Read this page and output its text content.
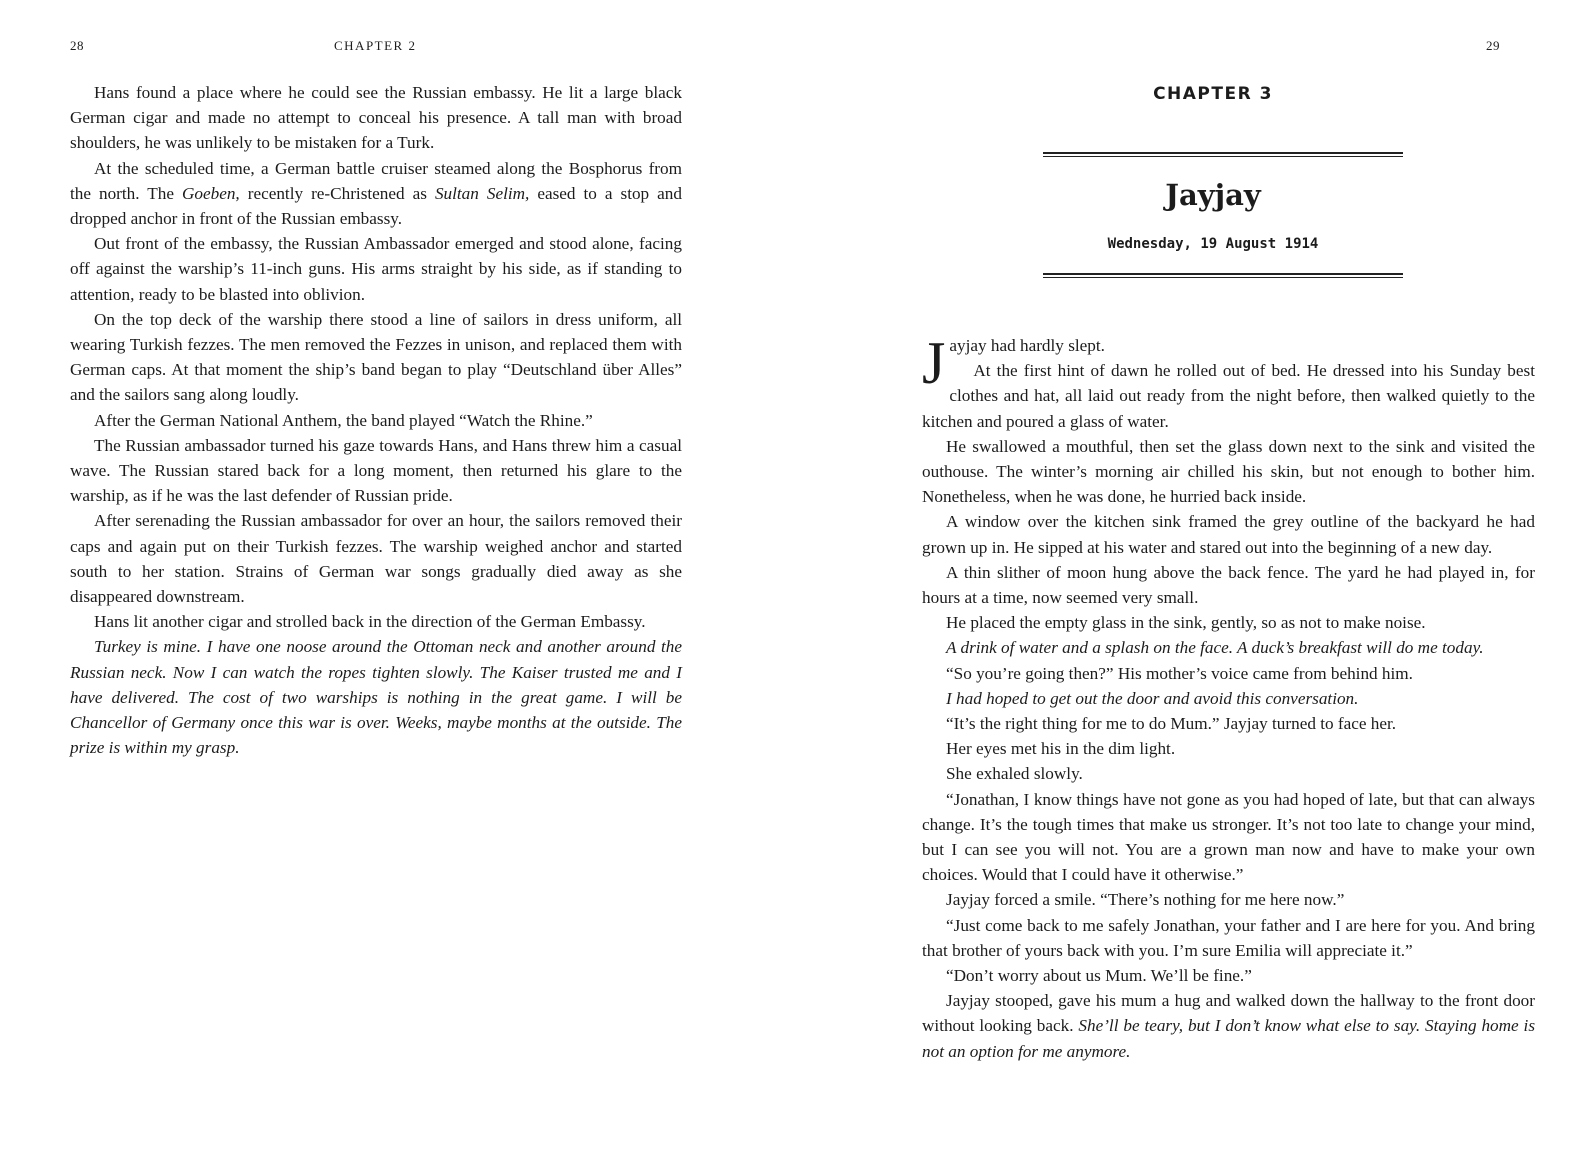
28	CHAPTER 2

Hans found a place where he could see the Russian embassy. He lit a large black German cigar and made no attempt to conceal his presence. A tall man with broad shoulders, he was unlikely to be mistaken for a Turk.

At the scheduled time, a German battle cruiser steamed along the Bosphorus from the north. The Goeben, recently re-Christened as Sultan Selim, eased to a stop and dropped anchor in front of the Russian embassy.

Out front of the embassy, the Russian Ambassador emerged and stood alone, facing off against the warship’s 11-inch guns. His arms straight by his side, as if standing to attention, ready to be blasted into oblivion.

On the top deck of the warship there stood a line of sailors in dress uniform, all wearing Turkish fezzes. The men removed the Fezzes in unison, and replaced them with German caps. At that moment the ship’s band began to play “Deutschland über Alles” and the sailors sang along loudly.

After the German National Anthem, the band played “Watch the Rhine.”

The Russian ambassador turned his gaze towards Hans, and Hans threw him a casual wave. The Russian stared back for a long moment, then returned his glare to the warship, as if he was the last defender of Russian pride.

After serenading the Russian ambassador for over an hour, the sailors removed their caps and again put on their Turkish fezzes. The warship weighed anchor and started south to her station. Strains of German war songs gradually died away as she disappeared downstream.

Hans lit another cigar and strolled back in the direction of the German Embassy.

Turkey is mine. I have one noose around the Ottoman neck and another around the Russian neck. Now I can watch the ropes tighten slowly. The Kaiser trusted me and I have delivered. The cost of two warships is nothing in the great game. I will be Chancellor of Germany once this war is over. Weeks, maybe months at the outside. The prize is within my grasp.

29
CHAPTER 3
Jayjay
Wednesday, 19 August 1914

Jayjay had hardly slept.

At the first hint of dawn he rolled out of bed. He dressed into his Sunday best clothes and hat, all laid out ready from the night before, then walked quietly to the kitchen and poured a glass of water.

He swallowed a mouthful, then set the glass down next to the sink and visited the outhouse. The winter’s morning air chilled his skin, but not enough to bother him. Nonetheless, when he was done, he hurried back inside.

A window over the kitchen sink framed the grey outline of the backyard he had grown up in. He sipped at his water and stared out into the beginning of a new day.

A thin slither of moon hung above the back fence. The yard he had played in, for hours at a time, now seemed very small.

He placed the empty glass in the sink, gently, so as not to make noise.

A drink of water and a splash on the face. A duck’s breakfast will do me today.

“So you’re going then?” His mother’s voice came from behind him.

I had hoped to get out the door and avoid this conversation.

“It’s the right thing for me to do Mum.” Jayjay turned to face her.

Her eyes met his in the dim light.

She exhaled slowly.

“Jonathan, I know things have not gone as you had hoped of late, but that can always change. It’s the tough times that make us stronger. It’s not too late to change your mind, but I can see you will not. You are a grown man now and have to make your own choices. Would that I could have it otherwise.”

Jayjay forced a smile. “There’s nothing for me here now.”

“Just come back to me safely Jonathan, your father and I are here for you. And bring that brother of yours back with you. I’m sure Emilia will appreciate it.”

“Don’t worry about us Mum. We’ll be fine.”

Jayjay stooped, gave his mum a hug and walked down the hallway to the front door without looking back. She’ll be teary, but I don’t know what else to say. Staying home is not an option for me anymore.
